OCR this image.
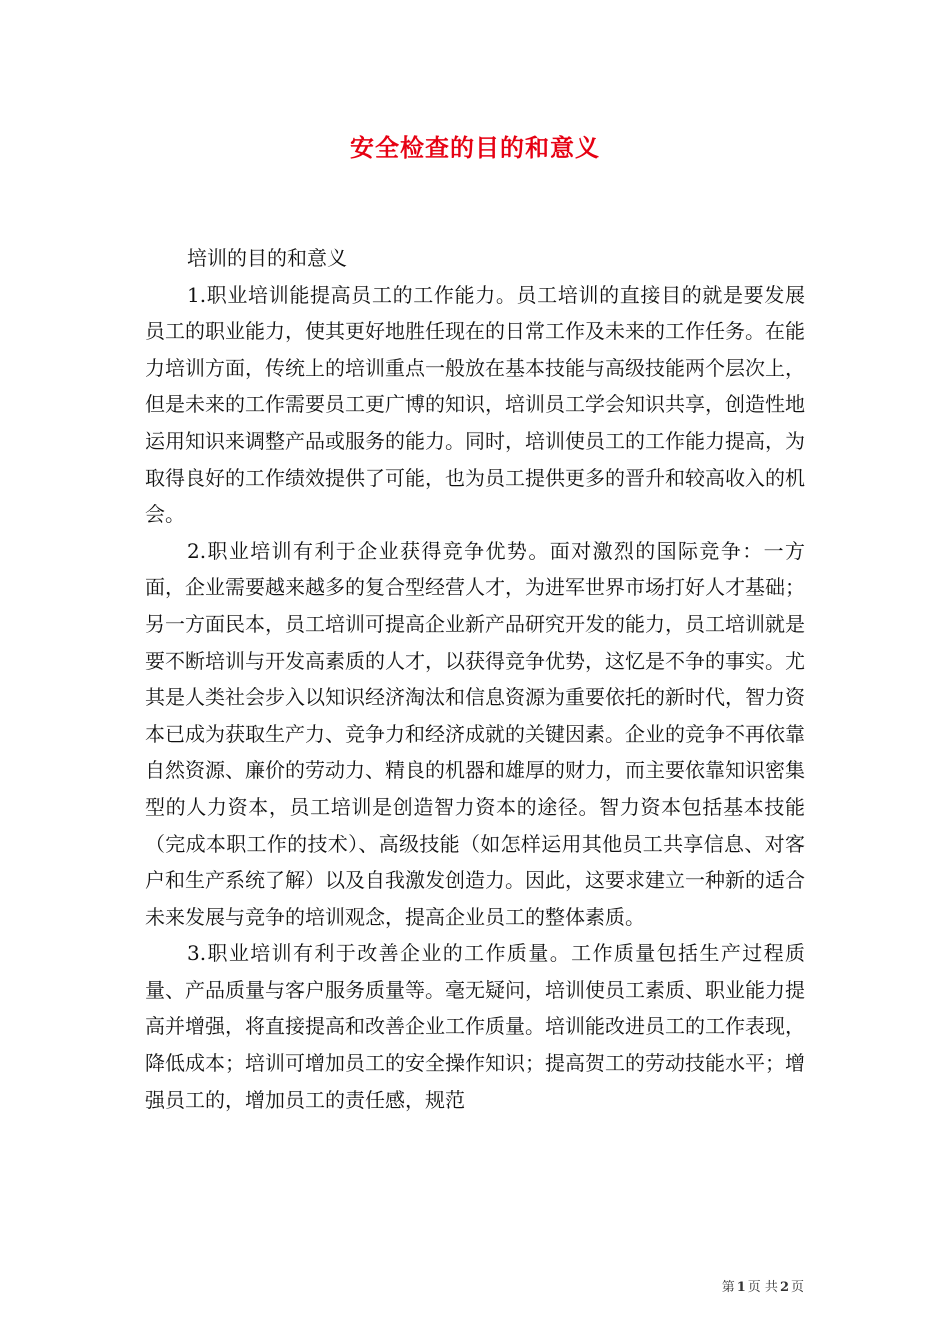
安全检查的目的和意义

培训的目的和意义

1.职业培训能提高员工的工作能力。员工培训的直接目的就是要发展员工的职业能力，使其更好地胜任现在的日常工作及未来的工作任务。在能力培训方面，传统上的培训重点一般放在基本技能与高级技能两个层次上，但是未来的工作需要员工更广博的知识，培训员工学会知识共享，创造性地运用知识来调整产品或服务的能力。同时，培训使员工的工作能力提高，为取得良好的工作绩效提供了可能，也为员工提供更多的晋升和较高收入的机会。

2.职业培训有利于企业获得竞争优势。面对激烈的国际竞争：一方面，企业需要越来越多的复合型经营人才，为进军世界市场打好人才基础；另一方面民本，员工培训可提高企业新产品研究开发的能力，员工培训就是要不断培训与开发高素质的人才，以获得竞争优势，这忆是不争的事实。尤其是人类社会步入以知识经济淘汰和信息资源为重要依托的新时代，智力资本已成为获取生产力、竞争力和经济成就的关键因素。企业的竞争不再依靠自然资源、廉价的劳动力、精良的机器和雄厚的财力，而主要依靠知识密集型的人力资本，员工培训是创造智力资本的途径。智力资本包括基本技能（完成本职工作的技术）、高级技能（如怎样运用其他员工共享信息、对客户和生产系统了解）以及自我激发创造力。因此，这要求建立一种新的适合未来发展与竞争的培训观念，提高企业员工的整体素质。

3.职业培训有利于改善企业的工作质量。工作质量包括生产过程质量、产品质量与客户服务质量等。毫无疑问，培训使员工素质、职业能力提高并增强，将直接提高和改善企业工作质量。培训能改进员工的工作表现，降低成本；培训可增加员工的安全操作知识；提高贺工的劳动技能水平；增强员工的，增加员工的责任感，规范

第 1 页 共 2 页
